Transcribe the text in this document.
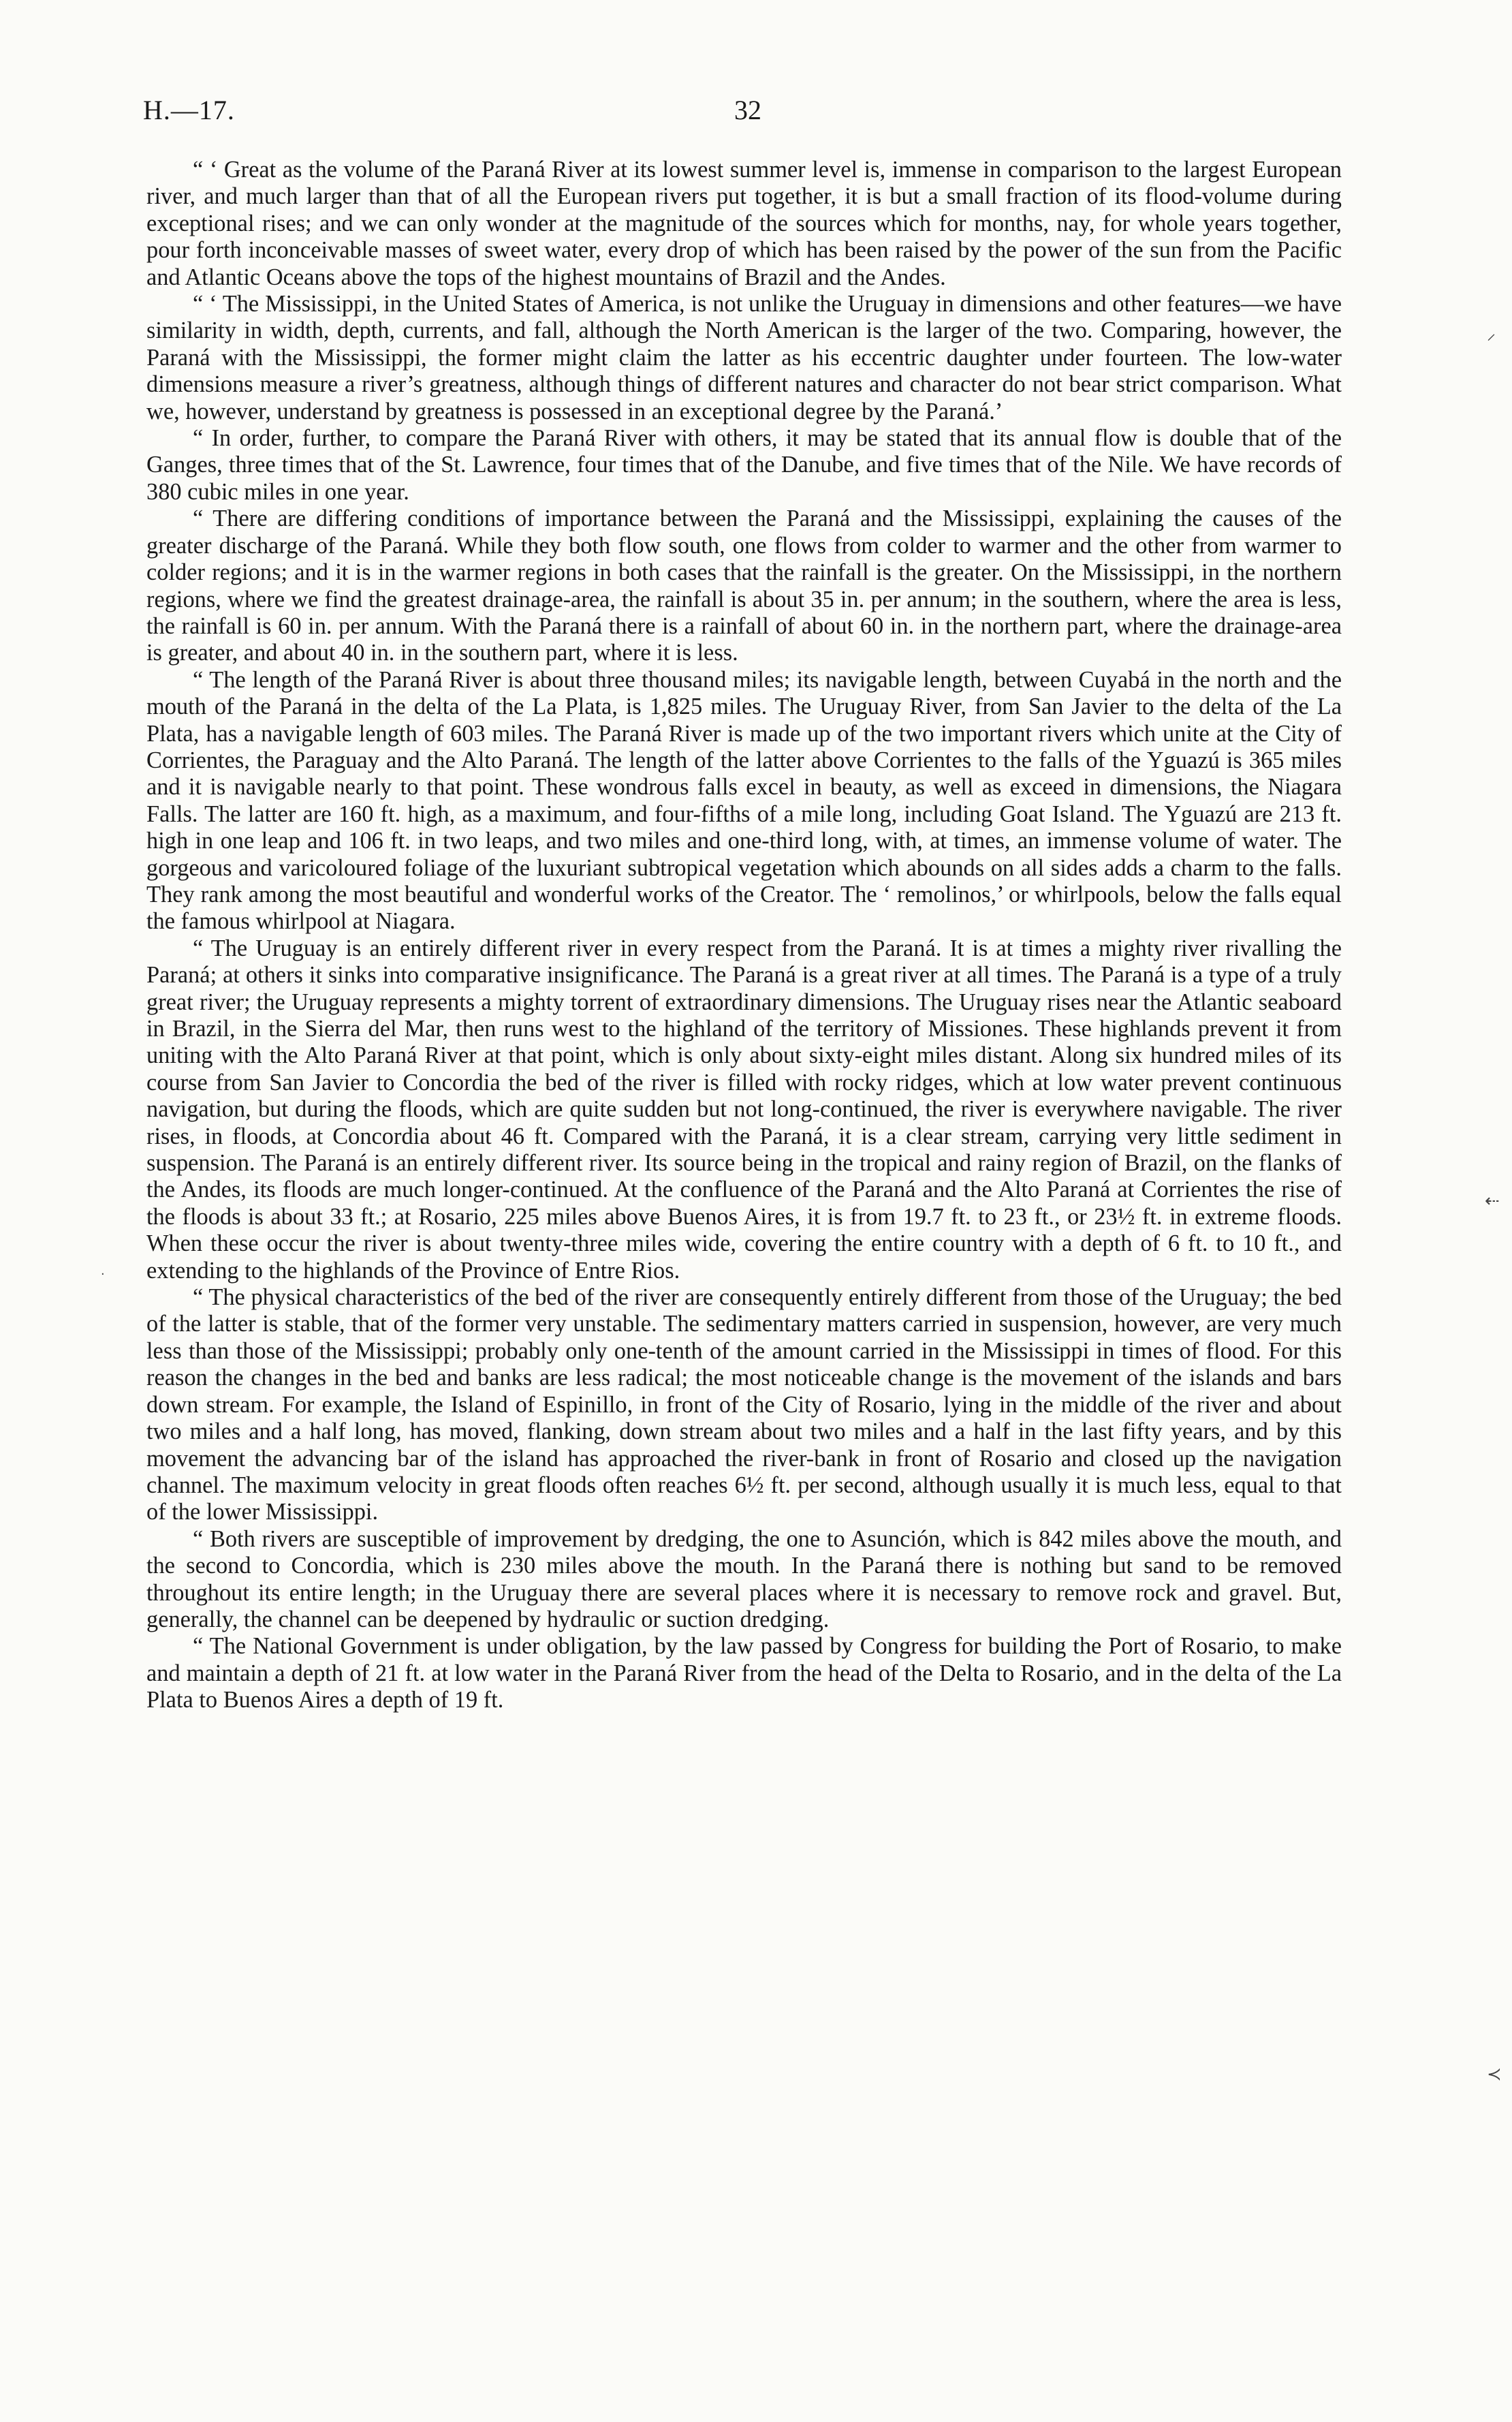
H.—17.	32

“ ‘ Great as the volume of the Paraná River at its lowest summer level is, immense in comparison to the largest European river, and much larger than that of all the European rivers put together, it is but a small fraction of its flood-volume during exceptional rises; and we can only wonder at the magnitude of the sources which for months, nay, for whole years together, pour forth inconceivable masses of sweet water, every drop of which has been raised by the power of the sun from the Pacific and Atlantic Oceans above the tops of the highest mountains of Brazil and the Andes.

“ ‘ The Mississippi, in the United States of America, is not unlike the Uruguay in dimensions and other features—we have similarity in width, depth, currents, and fall, although the North American is the larger of the two. Comparing, however, the Paraná with the Mississippi, the former might claim the latter as his eccentric daughter under fourteen. The low-water dimensions measure a river’s greatness, although things of different natures and character do not bear strict comparison. What we, however, understand by greatness is possessed in an exceptional degree by the Paraná.’

“ In order, further, to compare the Paraná River with others, it may be stated that its annual flow is double that of the Ganges, three times that of the St. Lawrence, four times that of the Danube, and five times that of the Nile. We have records of 380 cubic miles in one year.

“ There are differing conditions of importance between the Paraná and the Mississippi, explaining the causes of the greater discharge of the Paraná. While they both flow south, one flows from colder to warmer and the other from warmer to colder regions; and it is in the warmer regions in both cases that the rainfall is the greater. On the Mississippi, in the northern regions, where we find the greatest drainage-area, the rainfall is about 35 in. per annum; in the southern, where the area is less, the rainfall is 60 in. per annum. With the Paraná there is a rainfall of about 60 in. in the northern part, where the drainage-area is greater, and about 40 in. in the southern part, where it is less.

“ The length of the Paraná River is about three thousand miles; its navigable length, between Cuyabá in the north and the mouth of the Paraná in the delta of the La Plata, is 1,825 miles. The Uruguay River, from San Javier to the delta of the La Plata, has a navigable length of 603 miles. The Paraná River is made up of the two important rivers which unite at the City of Corrientes, the Paraguay and the Alto Paraná. The length of the latter above Corrientes to the falls of the Yguazú is 365 miles and it is navigable nearly to that point. These wondrous falls excel in beauty, as well as exceed in dimensions, the Niagara Falls. The latter are 160 ft. high, as a maximum, and four-fifths of a mile long, including Goat Island. The Yguazú are 213 ft. high in one leap and 106 ft. in two leaps, and two miles and one-third long, with, at times, an immense volume of water. The gorgeous and varicoloured foliage of the luxuriant subtropical vegetation which abounds on all sides adds a charm to the falls. They rank among the most beautiful and wonderful works of the Creator. The ‘ remolinos,’ or whirlpools, below the falls equal the famous whirlpool at Niagara.

“ The Uruguay is an entirely different river in every respect from the Paraná. It is at times a mighty river rivalling the Paraná; at others it sinks into comparative insignificance. The Paraná is a great river at all times. The Paraná is a type of a truly great river; the Uruguay represents a mighty torrent of extraordinary dimensions. The Uruguay rises near the Atlantic seaboard in Brazil, in the Sierra del Mar, then runs west to the highland of the territory of Missiones. These highlands prevent it from uniting with the Alto Paraná River at that point, which is only about sixty-eight miles distant. Along six hundred miles of its course from San Javier to Concordia the bed of the river is filled with rocky ridges, which at low water prevent continuous navigation, but during the floods, which are quite sudden but not long-continued, the river is everywhere navigable. The river rises, in floods, at Concordia about 46 ft. Compared with the Paraná, it is a clear stream, carrying very little sediment in suspension. The Paraná is an entirely different river. Its source being in the tropical and rainy region of Brazil, on the flanks of the Andes, its floods are much longer-continued. At the confluence of the Paraná and the Alto Paraná at Corrientes the rise of the floods is about 33 ft.; at Rosario, 225 miles above Buenos Aires, it is from 19.7 ft. to 23 ft., or 23½ ft. in extreme floods. When these occur the river is about twenty-three miles wide, covering the entire country with a depth of 6 ft. to 10 ft., and extending to the highlands of the Province of Entre Rios.

“ The physical characteristics of the bed of the river are consequently entirely different from those of the Uruguay; the bed of the latter is stable, that of the former very unstable. The sedimentary matters carried in suspension, however, are very much less than those of the Mississippi; probably only one-tenth of the amount carried in the Mississippi in times of flood. For this reason the changes in the bed and banks are less radical; the most noticeable change is the movement of the islands and bars down stream. For example, the Island of Espinillo, in front of the City of Rosario, lying in the middle of the river and about two miles and a half long, has moved, flanking, down stream about two miles and a half in the last fifty years, and by this movement the advancing bar of the island has approached the river-bank in front of Rosario and closed up the navigation channel. The maximum velocity in great floods often reaches 6½ ft. per second, although usually it is much less, equal to that of the lower Mississippi.

“ Both rivers are susceptible of improvement by dredging, the one to Asunción, which is 842 miles above the mouth, and the second to Concordia, which is 230 miles above the mouth. In the Paraná there is nothing but sand to be removed throughout its entire length; in the Uruguay there are several places where it is necessary to remove rock and gravel. But, generally, the channel can be deepened by hydraulic or suction dredging.

“ The National Government is under obligation, by the law passed by Congress for building the Port of Rosario, to make and maintain a depth of 21 ft. at low water in the Paraná River from the head of the Delta to Rosario, and in the delta of the La Plata to Buenos Aires a depth of 19 ft.

⸝
⇠
≺
·
